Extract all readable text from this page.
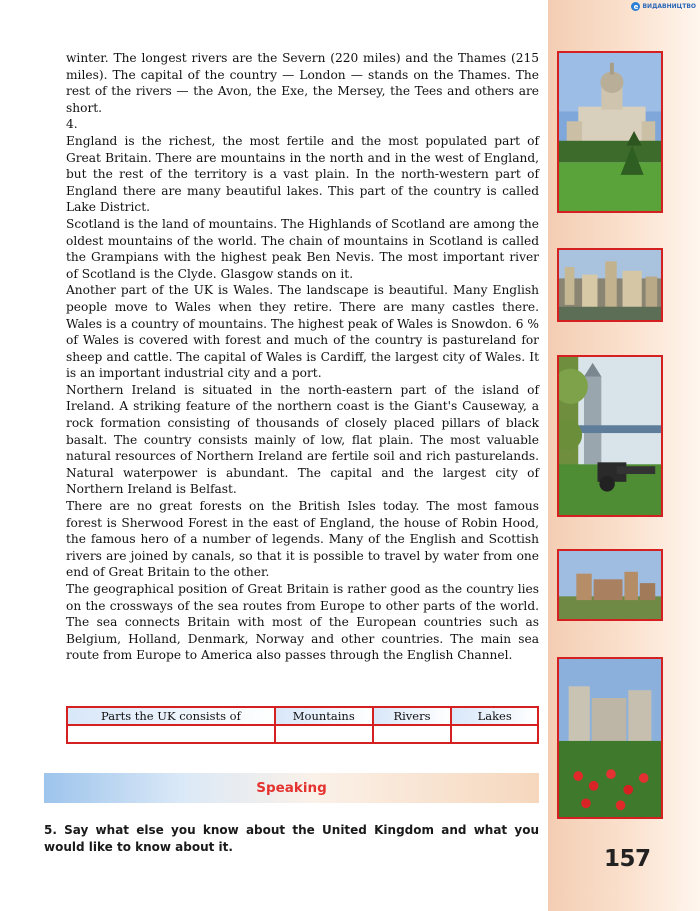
e ВИДАВНИЦТВО
157

winter. The longest rivers are the Severn (220 miles) and the Thames (215 miles). The capital of the country — London — stands on the Thames. The rest of the rivers — the Avon, the Exe, the Mersey, the Tees and others are short.

4.

England is the richest, the most fertile and the most populated part of Great Britain. There are mountains in the north and in the west of England, but the rest of the territory is a vast plain. In the north-western part of England there are many beautiful lakes. This part of the country is called Lake District.

Scotland is the land of mountains. The Highlands of Scotland are among the oldest mountains of the world. The chain of mountains in Scotland is called the Grampians with the highest peak Ben Nevis. The most important river of Scotland is the Clyde. Glasgow stands on it.

Another part of the UK is Wales. The landscape is beautiful. Many English people move to Wales when they retire. There are many castles there. Wales is a country of mountains. The highest peak of Wales is Snowdon. 6 % of Wales is covered with forest and much of the country is pastureland for sheep and cattle. The capital of Wales is Cardiff, the largest city of Wales. It is an important industrial city and a port.

Northern Ireland is situated in the north-eastern part of the island of Ireland. A striking feature of the northern coast is the Giant's Causeway, a rock formation consisting of thousands of closely placed pillars of black basalt. The country consists mainly of low, flat plain. The most valuable natural resources of Northern Ireland are fertile soil and rich pasturelands. Natural waterpower is abundant. The capital and the largest city of Northern Ireland is Belfast.

There are no great forests on the British Isles today. The most famous forest is Sherwood Forest in the east of England, the house of Robin Hood, the famous hero of a number of legends. Many of the English and Scottish rivers are joined by canals, so that it is possible to travel by water from one end of Great Britain to the other.

The geographical position of Great Britain is rather good as the country lies on the crossways of the sea routes from Europe to other parts of the world. The sea connects Britain with most of the European countries such as Belgium, Holland, Denmark, Norway and other countries. The main sea route from Europe to America also passes through the English Channel.

Parts the UK consists of	Mountains	Rivers	Lakes

Speaking
5. Say what else you know about the United Kingdom and what you would like to know about it.
